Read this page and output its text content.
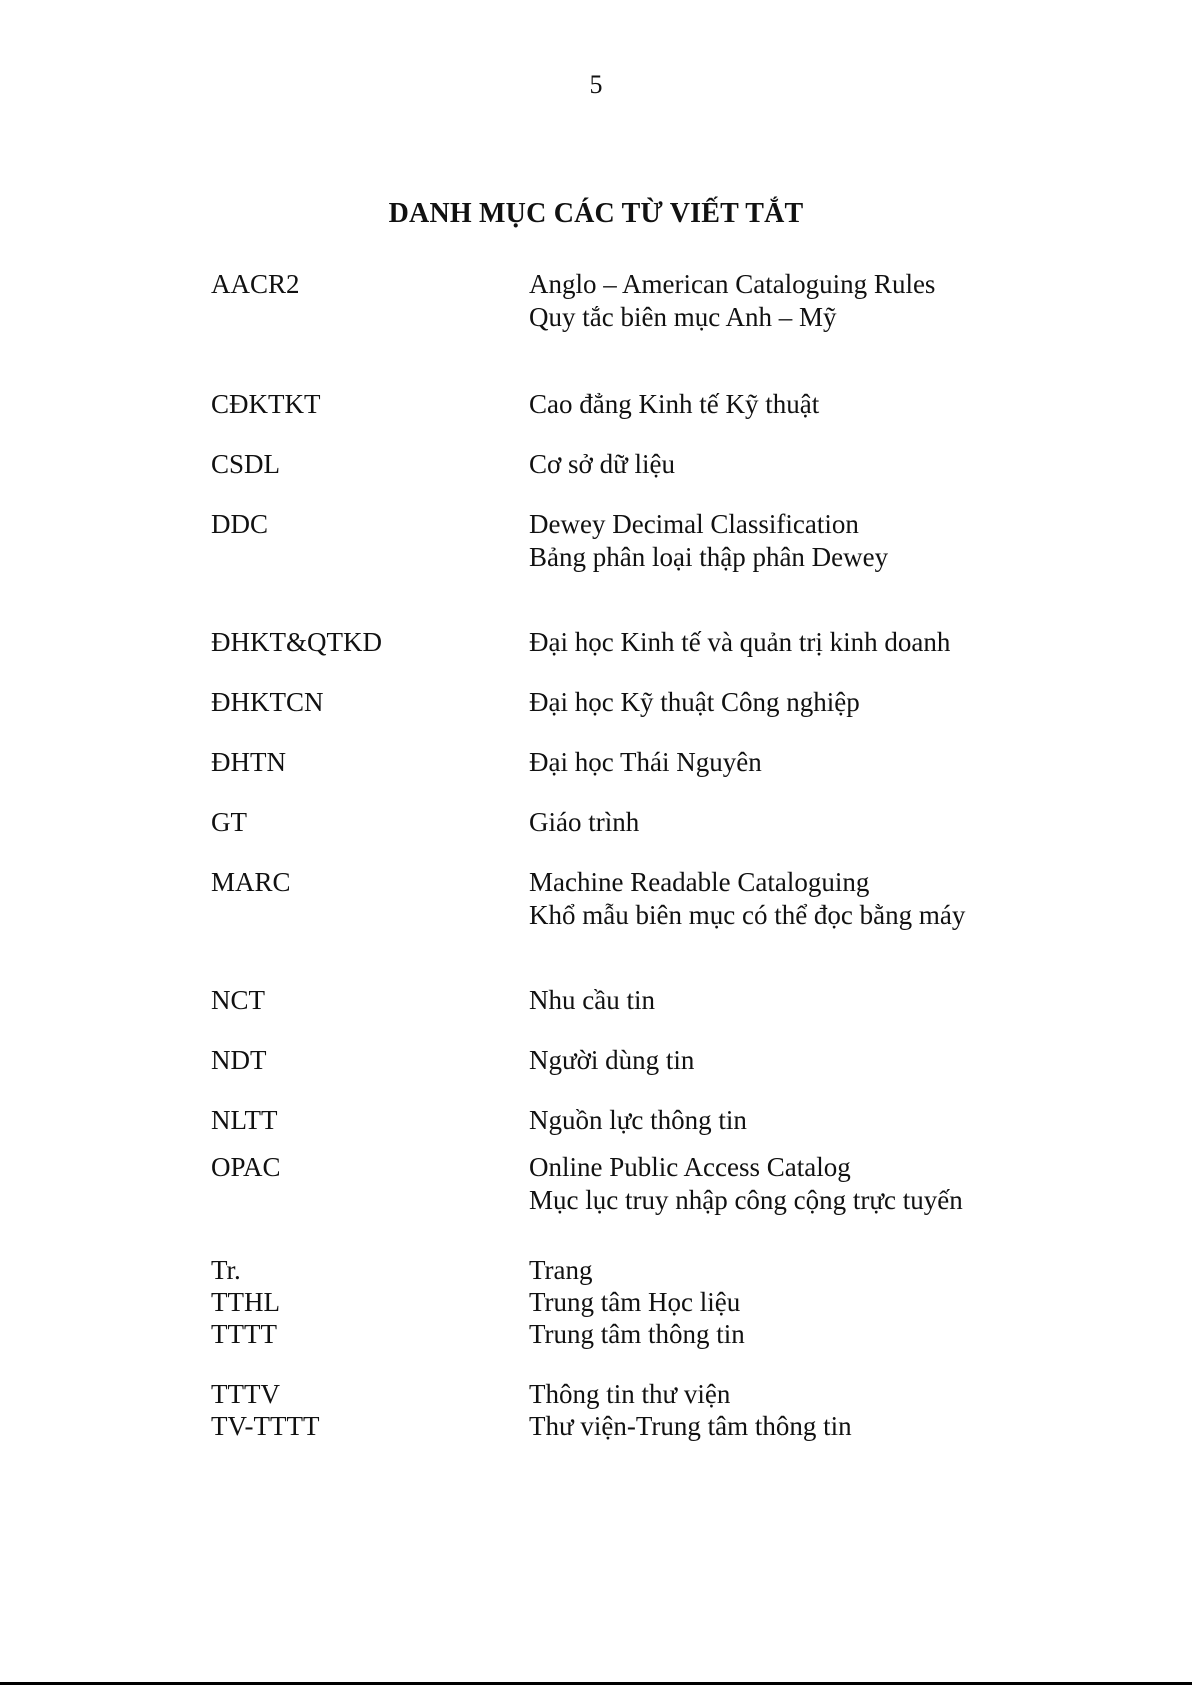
5
DANH MỤC CÁC TỪ VIẾT TẮT
AACR2	Anglo – American Cataloguing Rules
Quy tắc biên mục Anh – Mỹ
CĐKTKT	Cao đẳng Kinh tế Kỹ thuật
CSDL	Cơ sở dữ liệu
DDC	Dewey Decimal Classification
Bảng phân loại thập phân Dewey
ĐHKT&QTKD	Đại học Kinh tế và quản trị kinh doanh
ĐHKTCN	Đại học Kỹ thuật Công nghiệp
ĐHTN	Đại học Thái Nguyên
GT	Giáo trình
MARC	Machine Readable Cataloguing
Khổ mẫu biên mục có thể đọc bằng máy
NCT	Nhu cầu tin
NDT	Người dùng tin
NLTT	Nguồn lực thông tin
OPAC	Online Public Access Catalog
Mục lục truy nhập công cộng trực tuyến
Tr.	Trang
TTHL	Trung tâm Học liệu
TTTT	Trung tâm thông tin
TTTV	Thông tin thư viện
TV-TTTT	Thư viện-Trung tâm thông tin
